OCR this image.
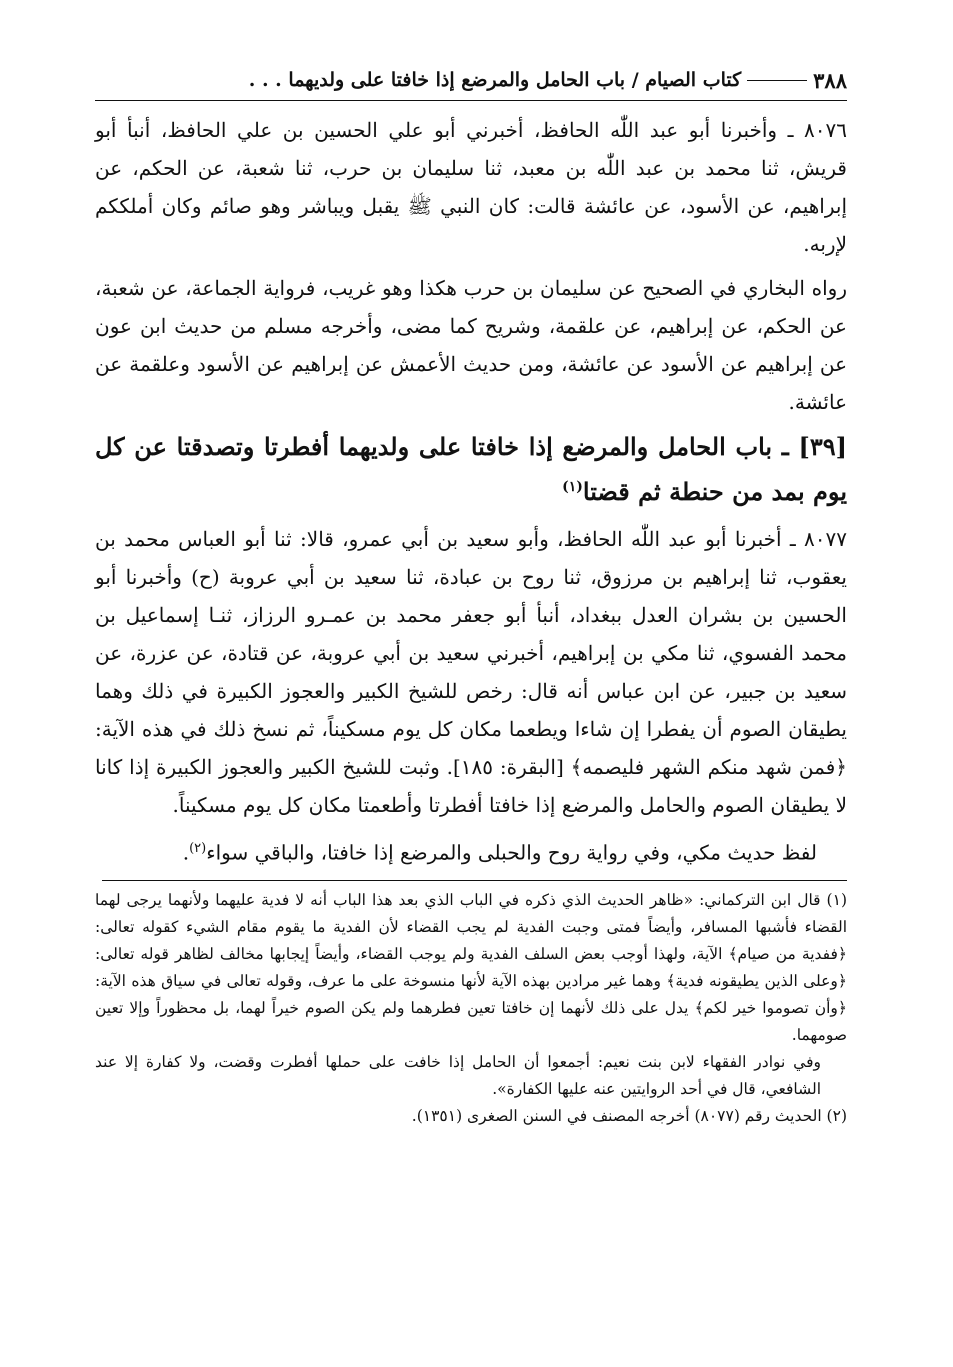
٣٨٨
كتاب الصيام / باب الحامل والمرضع إذا خافتا على ولديهما . . .

٨٠٧٦ ـ وأخبرنا أبو عبد اللّٰه الحافظ، أخبرني أبو علي الحسين بن علي الحافظ، أنبأ أبو قريش، ثنا محمد بن عبد اللّٰه بن معبد، ثنا سليمان بن حرب، ثنا شعبة، عن الحكم، عن إبراهيم، عن الأسود، عن عائشة قالت: كان النبي ﷺ يقبل ويباشر وهو صائم وكان أملككم لإربه.

رواه البخاري في الصحيح عن سليمان بن حرب هكذا وهو غريب، فرواية الجماعة، عن شعبة، عن الحكم، عن إبراهيم، عن علقمة، وشريح كما مضى، وأخرجه مسلم من حديث ابن عون عن إبراهيم عن الأسود عن عائشة، ومن حديث الأعمش عن إبراهيم عن الأسود وعلقمة عن عائشة.

[٣٩] ـ باب الحامل والمرضع إذا خافتا على ولديهما أفطرتا وتصدقتا عن كل يوم بمد من حنطة ثم قضتا$^{(١)}$

٨٠٧٧ ـ أخبرنا أبو عبد اللّٰه الحافظ، وأبو سعيد بن أبي عمرو، قالا: ثنا أبو العباس محمد بن يعقوب، ثنا إبراهيم بن مرزوق، ثنا روح بن عبادة، ثنا سعيد بن أبي عروبة (ح) وأخبرنا أبو الحسين بن بشران العدل ببغداد، أنبأ أبو جعفر محمد بن عمـرو الرزاز، ثنـا إسماعيل بن محمد الفسوي، ثنا مكي بن إبراهيم، أخبرني سعيد بن أبي عروبة، عن قتادة، عن عزرة، عن سعيد بن جبير، عن ابن عباس أنه قال: رخص للشيخ الكبير والعجوز الكبيرة في ذلك وهما يطيقان الصوم أن يفطرا إن شاءا ويطعما مكان كل يوم مسكيناً، ثم نسخ ذلك في هذه الآية: ﴿فمن شهد منكم الشهر فليصمه﴾ [البقرة: ١٨٥]. وثبت للشيخ الكبير والعجوز الكبيرة إذا كانا لا يطيقان الصوم والحامل والمرضع إذا خافتا أفطرتا وأطعمتا مكان كل يوم مسكيناً.

لفظ حديث مكي، وفي رواية روح والحبلى والمرضع إذا خافتا، والباقي سواء$^{(٢)}$.

(١) قال ابن التركماني: «ظاهر الحديث الذي ذكره في الباب الذي بعد هذا الباب أنه لا فدية عليهما ولأنهما يرجى لهما القضاء فأشبها المسافر، وأيضاً فمتى وجبت الفدية لم يجب القضاء لأن الفدية ما يقوم مقام الشيء كقوله تعالى: ﴿ففدية من صيام﴾ الآية، ولهذا أوجب بعض السلف الفدية ولم يوجب القضاء، وأيضاً إيجابها مخالف لظاهر قوله تعالى: ﴿وعلى الذين يطيقونه فدية﴾ وهما غير مرادين بهذه الآية لأنها منسوخة على ما عرف، وقوله تعالى في سياق هذه الآية: ﴿وأن تصوموا خير لكم﴾ يدل على ذلك لأنهما إن خافتا تعين فطرهما ولم يكن الصوم خيراً لهما، بل محظوراً وإلا تعين صومهما.

وفي نوادر الفقهاء لابن بنت نعيم: أجمعوا أن الحامل إذا خافت على حملها أفطرت وقضت، ولا كفارة إلا عند الشافعي، قال في أحد الروايتين عنه عليها الكفارة».

(٢) الحديث رقم (٨٠٧٧) أخرجه المصنف في السنن الصغرى (١٣٥١).
